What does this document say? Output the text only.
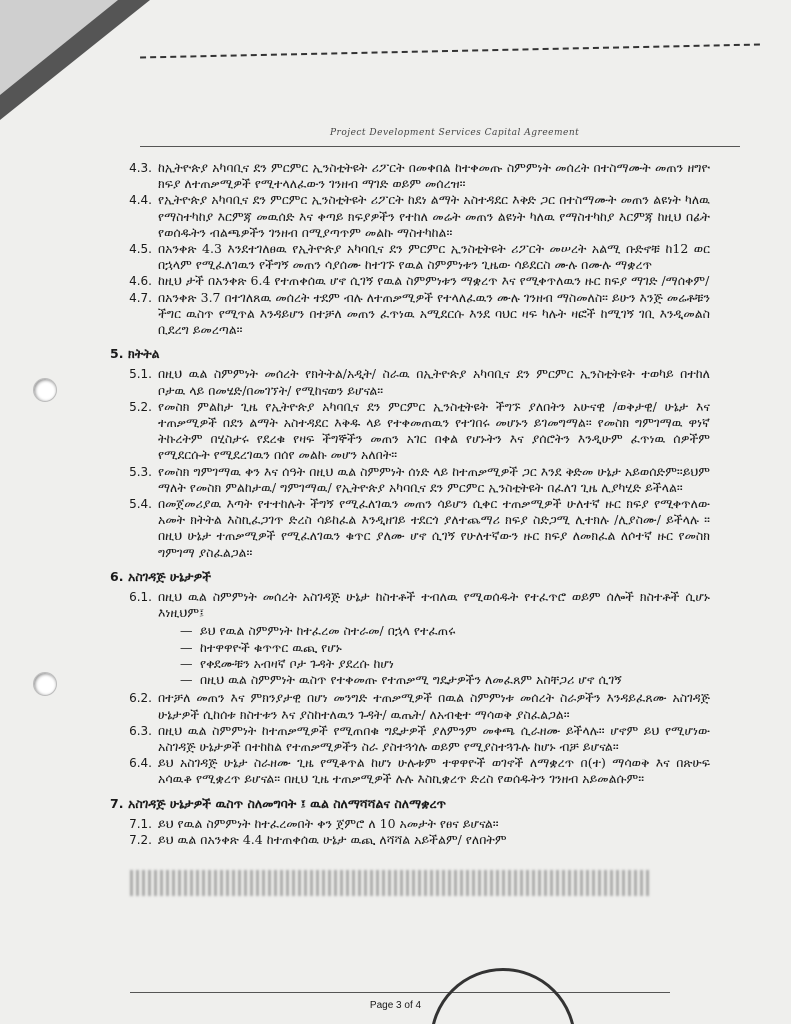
Project Development Services Capital Agreement
4.3. ከኢትዮጵያ አካባቢና ደን ምርምር ኢንስቲትዩት ሪፖርት በመቀበል ከተቀመጡ ስምምነት መሰረት በተስማሙት መጠን ዘግዮ ክፍያ ለተጠቃሚዎች የሚተላለፈውን ገንዘብ ማገድ ወይም መሰረዝ።
4.4. የኢትዮጵያ አካባቢና ደን ምርምር ኢንስቲትዩት ሪፖርት ከደነ ልማት አስተዳደር እቅድ ጋር በተስማሙት መጠን ልዩነት ካለዉ የማስተካከያ እርምጃ መዉሰድ እና ቀጣይ ክፍያዎችን የተከለ መሬት መጠን ልዩነት ካለዉ የማስተካከያ እርምጃ ከዚህ በፊት የወሰዱትን ብልጫዎችን ገንዘብ በሚያጣጥም መልኩ ማስተካከል።
4.5. በአንቀጽ 4.3 እንደተገለፀዉ የኢትዮጵያ አካባቢና ደን ምርምር ኢንስቲትዩት ሪፖርት መሠረት አልሚ ቡድኖቹ ከ12 ወር በኋላም የሚፈለገዉን የችግኝ መጠን ሳያሰሙ ከተገኙ የዉል ስምምነቱን ጊዜው ሳይደርስ ሙሉ በሙሉ ማቋረጥ
4.6. ከዚህ ታች በአንቀጽ 6.4 የተጠቀሰዉ ሆኖ ሲገኝ የዉል ስምምነቱን ማቋረጥ እና የሚቀጥለዉን ዙር ክፍያ ማገድ /ማሰቀም/
4.7. በአንቀጽ 3.7 በተገለጸዉ መሰረት ተደም ብሉ ለተጠቃሚዎች የተላለፈዉን ሙሉ ገንዘብ ማስመለስ። ይሁን እንጅ መሬቶቹን ችግር ዉስጥ የሚጥል እንዳይሆን በተቻለ መጠን ፈጥነዉ አሚደርሱ እንደ ባህር ዛፍ ካሉት ዛፎች ከሚገኝ ገቢ እንዲመልስ ቢደረግ ይመረጣል።
5. ክትትል
5.1. በዚህ ዉል ስምምነት መሰረት የክትትል/አዲት/ ስራዉ በኢትዮጵያ አካባቢና ደን ምርምር ኢንስቲትዩት ተወካይ በተከለ ቦታዉ ላይ በመሄድ/በመገኘት/ የሚከናወን ይሆናል።
5.2. የመስክ ምልከታ ጊዜ የኢትዮጵያ አካባቢና ደን ምርምር ኢንስቲትዩት ችግኙ ያለበትን አሁናዊ /ወቅታዊ/ ሁኔታ እና ተጠቃሚዎች በደን ልማት አስተዳደር እቅዱ ላይ የተቀመጠዉን የተገበሩ መሆኑን ይገመግማል። የመስክ ግምገማዉ ዋነኛ ትኩረትም በሂስታሩ የደረቁ የዛፍ ችግኞችን መጠን አገር በቀል የሆኑትን እና ያሰሮትን እንዲሁም ፈጥነዉ ሰዎችም የሚደርሱት የሚደረገዉን በሰየ መልኩ መሆን አለበት።
5.3. የመስክ ግምገማዉ ቀን እና ሰዓት በዚህ ዉል ስምምነት ሰነድ ላይ ከተጠቃሚዎች ጋር እንደ ቅድመ ሁኔታ አይወሰድም።ይህም ማለት የመስክ ምልከታዉ/ ግምገማዉ/ የኢትዮጵያ አካባቢና ደን ምርምር ኢንስቲትዩት በፈለገ ጊዜ ሊያካሂድ ይችላል።
5.4. በመጀመሪያዉ እጣት የተተከሉት ችግኝ የሚፈለገዉን መጠን ሳይሆን ሲቀር ተጠቃሚዎች ሁለተኛ ዙር ክፍያ የሚቀጥለው አመት ክትትል እስኪፈጋገጥ ድረስ ሳይከፈል እንዲዘገይ ተደርጎ ያለተጨማሪ ክፍያ ስድጋሚ ሊተክሉ /ሊያስሙ/ ይችላሉ ። በዚህ ሁኔታ ተጠቃሚዎች የሚፈለገዉን ቁጥር ያለሙ ሆኖ ሲገኝ የሁለተኛውን ዙር ክፍያ ለመክፈል ለሶተኛ ዙር የመስክ ግምገማ ያስፈልጋል።
6. አስገዳጅ ሁኔታዎች
6.1. በዚህ ዉል ስምምነት መሰረት አስገዳጅ ሁኔታ ከስተቶች ተብለዉ የሚወሰዱት የተፈጥሮ ወይም ሰሎች ክስተቶች ሲሆኑ እነዚህም፤
— ይህ የዉል ስምምነት ከተፈረመ ስተራመ/ በኋላ የተፈጠሩ
— ከተዋዋዮች ቁጥጥር ዉጪ የሆኑ
— የቀደሙቹን አብዛኛ ቦታ ጉዳት ያደረሱ ከሆነ
— በዚህ ዉል ስምምነት ዉስጥ የተቀመጡ የተጠቃሚ ግዴታዎችን ለመፈጸም አስቸጋሪ ሆኖ ሲገኝ
6.2. በተቻለ መጠን እና ምክንያታዊ በሆነ መንግድ ተጠቃሚዎች በዉል ስምምነቱ መሰረት ስራዎችን እንዳይፈጸሙ አስገዳጅ ሁኔታዎች ሲከሰቱ ክስተቱን እና ያስከተለዉን ጉዳት/ ዉጤት/ ለአብቂተ ማሳወቅ ያስፈልጋል።
6.3. በዚህ ዉል ስምምነት ከተጠቃሚዎች የሚጠበቁ ግዴታዎች ያለምንም መቀጫ ሲራዘሙ ይችላሉ። ሆኖም ይህ የሚሆነው አስገዳጅ ሁኔታዎች በተከከል የተጠቃሚዎችን ስራ ያስተጓጎሉ ወይም የሚያስተጓጉሉ ከሆኑ ብቻ ይሆናል።
6.4. ይህ አስገዳጅ ሁኔታ ስራዘሙ ጊዜ የሚቆጥል ከሆነ ሁሉቱም ተዋዋዮች ወገኖች ለማቋረጥ በ(ተ) ማሳወቅ እና በጽሁፍ አሳዉቆ የሚቋረጥ ይሆናል። በዚህ ጊዜ ተጠቃሚዎች ሉሉ እስኪቋረጥ ድረስ የወሰዱትን ገንዘብ አይመልሱም።
7. አስገዳጅ ሁኔታዎች ዉስጥ ስለመግባት ፤ ዉል ስለማሻሻልና ስለማቋረጥ
7.1. ይህ የዉል ስምምነት ከተፈረመበት ቀን ጀምሮ ለ 10 አመታት የፀና ይሆናል።
7.2. ይህ ዉል በአንቀጽ 4.4 ከተጠቀሰዉ ሁኔታ ዉጪ ለሻሻል አይችልም/ የለበትም
Page 3 of 4
